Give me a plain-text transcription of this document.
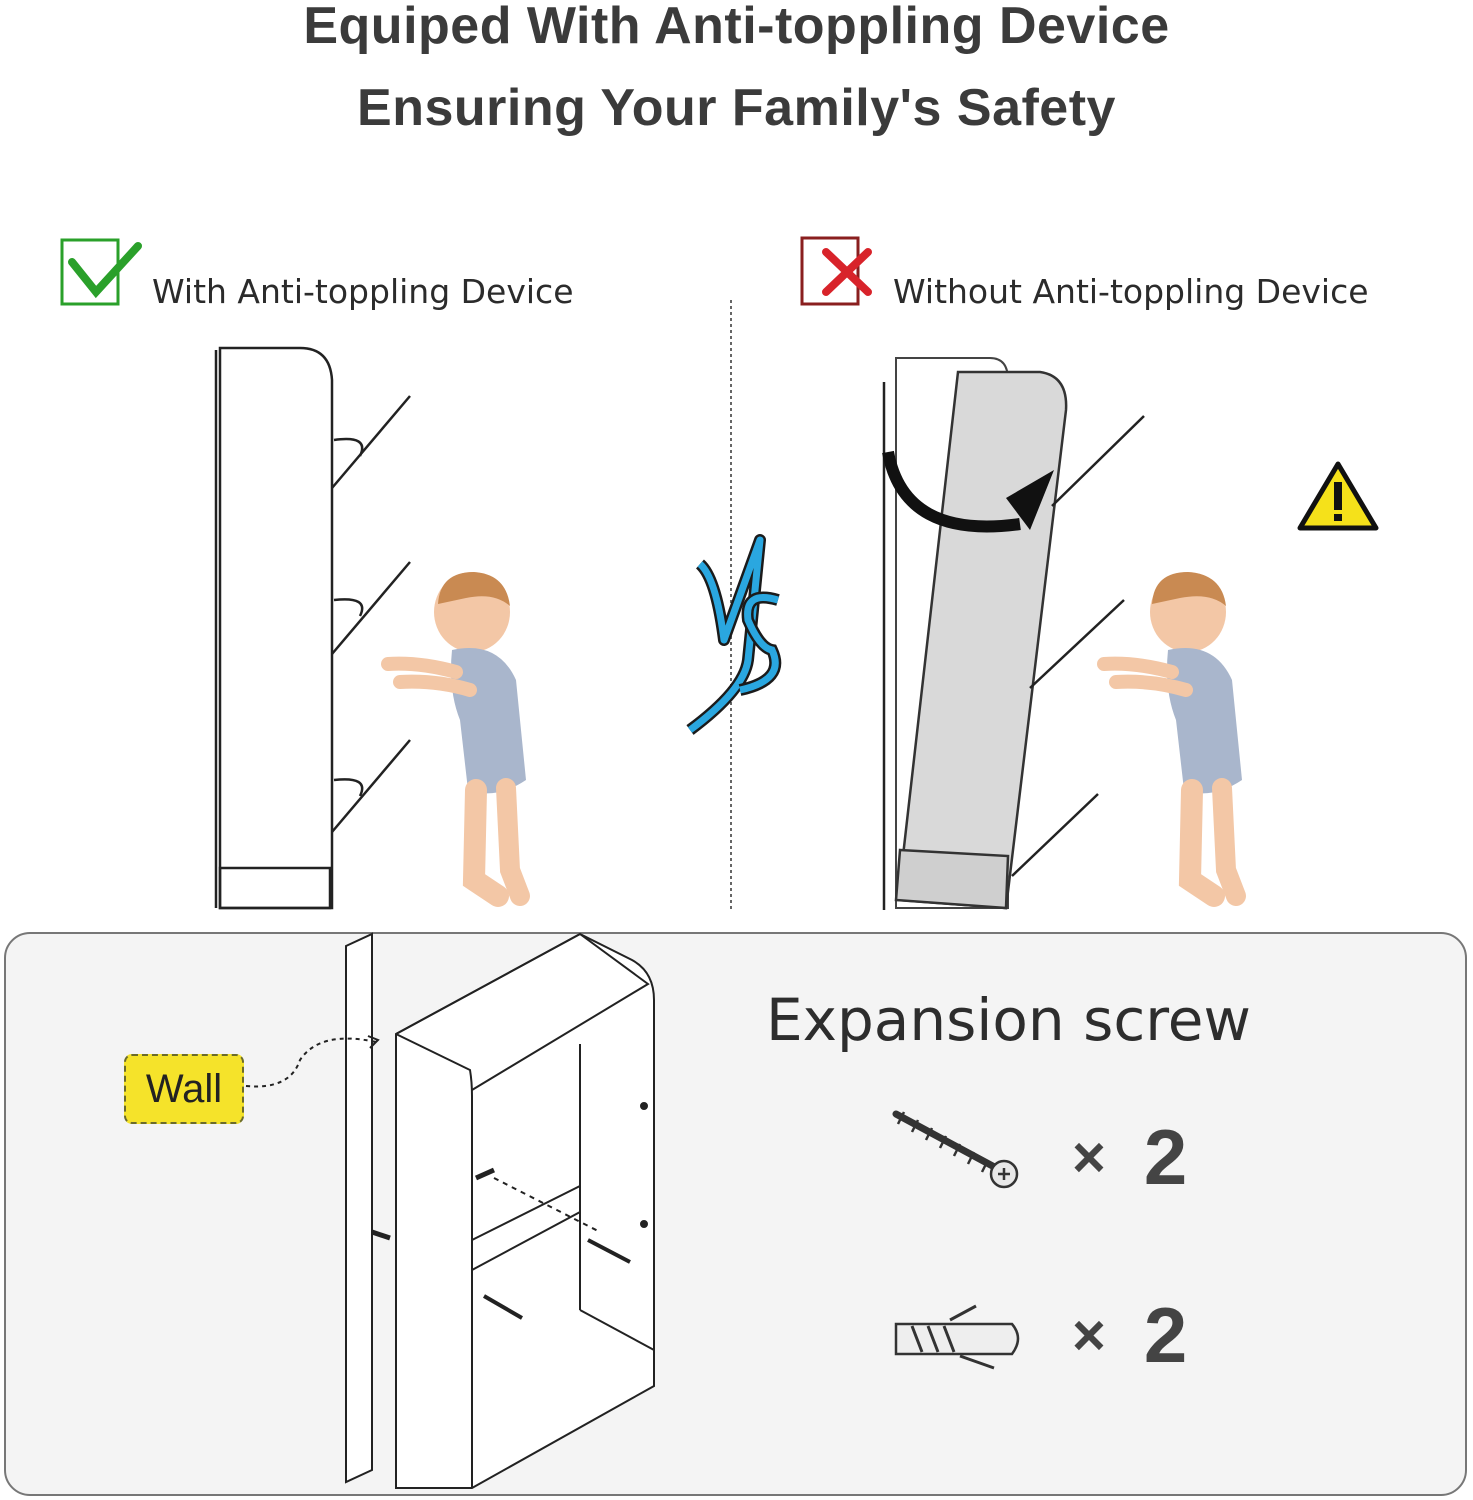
Equiped With Anti-toppling Device
Ensuring Your Family's Safety
With Anti-toppling Device	Without Anti-toppling Device
Wall
Expansion screw
× 2
× 2
